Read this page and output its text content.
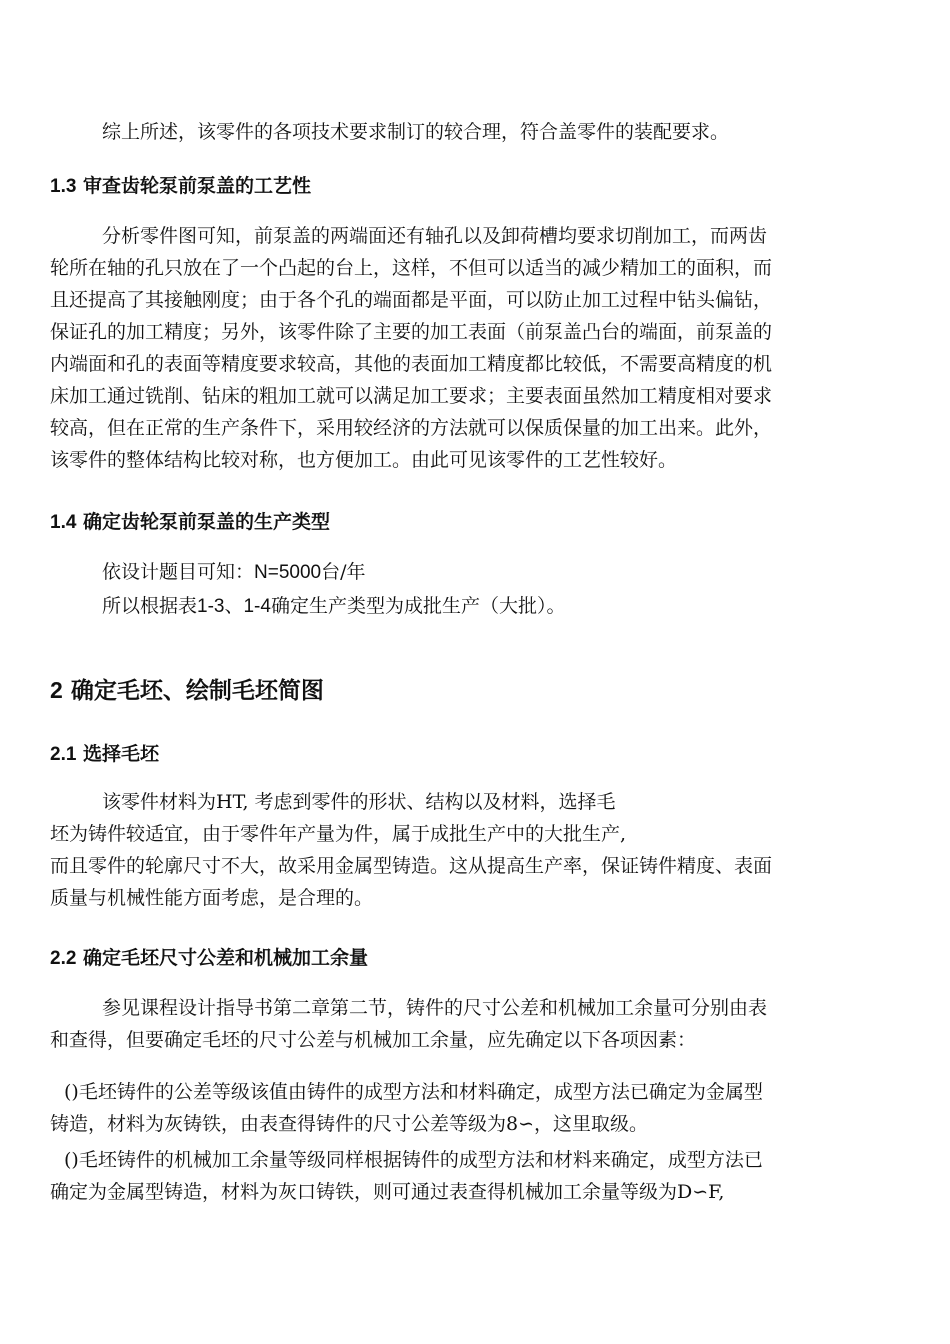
综上所述，该零件的各项技术要求制订的较合理，符合盖零件的装配要求。

1.3 审查齿轮泵前泵盖的工艺性

分析零件图可知，前泵盖的两端面还有轴孔以及卸荷槽均要求切削加工，而两齿
轮所在轴的孔只放在了一个凸起的台上，这样，不但可以适当的减少精加工的面积，而
且还提高了其接触刚度；由于各个孔的端面都是平面，可以防止加工过程中钻头偏钻，
保证孔的加工精度；另外，该零件除了主要的加工表面（前泵盖凸台的端面，前泵盖的
内端面和孔的表面等精度要求较高，其他的表面加工精度都比较低，不需要高精度的机
床加工通过铣削、钻床的粗加工就可以满足加工要求；主要表面虽然加工精度相对要求
较高，但在正常的生产条件下，采用较经济的方法就可以保质保量的加工出来。此外，
该零件的整体结构比较对称，也方便加工。由此可见该零件的工艺性较好。

1.4 确定齿轮泵前泵盖的生产类型

依设计题目可知：N=5000台/年

所以根据表1-3、1-4确定生产类型为成批生产（大批）。

2 确定毛坯、绘制毛坯简图
2.1 选择毛坯

该零件材料为HT, 考虑到零件的形状、结构以及材料，选择毛
坯为铸件较适宜，由于零件年产量为件，属于成批生产中的大批生产,
而且零件的轮廓尺寸不大，故采用金属型铸造。这从提高生产率，保证铸件精度、表面
质量与机械性能方面考虑，是合理的。

2.2 确定毛坯尺寸公差和机械加工余量

参见课程设计指导书第二章第二节，铸件的尺寸公差和机械加工余量可分别由表
和查得，但要确定毛坯的尺寸公差与机械加工余量，应先确定以下各项因素：

()毛坯铸件的公差等级该值由铸件的成型方法和材料确定，成型方法已确定为金属型
铸造，材料为灰铸铁，由表查得铸件的尺寸公差等级为8∽，这里取级。

()毛坯铸件的机械加工余量等级同样根据铸件的成型方法和材料来确定，成型方法已
确定为金属型铸造，材料为灰口铸铁，则可通过表查得机械加工余量等级为D∽F,
